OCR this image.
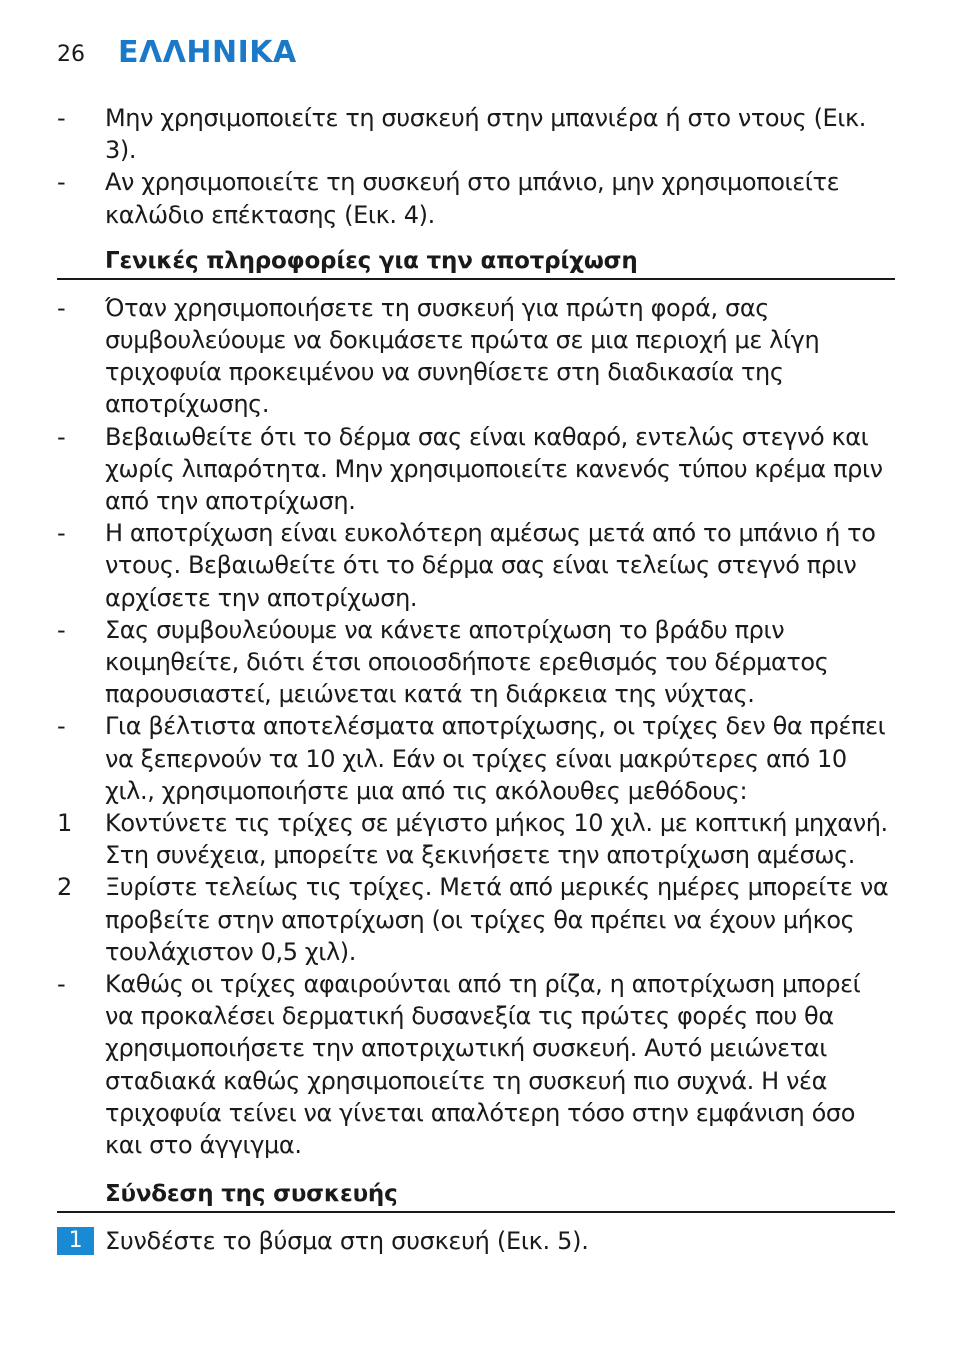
26 ΕΛΛΗΝΙΚΑ
-	Μην χρησιμοποιείτε τη συσκευή στην μπανιέρα ή στο ντους (Εικ. 3).
-	Αν χρησιμοποιείτε τη συσκευή στο μπάνιο, μην χρησιμοποιείτε καλώδιο επέκτασης (Εικ. 4).
Γενικές πληροφορίες για την αποτρίχωση
-	Όταν χρησιμοποιήσετε τη συσκευή για πρώτη φορά, σας συμβουλεύουμε να δοκιμάσετε πρώτα σε μια περιοχή με λίγη τριχοφυία προκειμένου να συνηθίσετε στη διαδικασία της αποτρίχωσης.
-	Βεβαιωθείτε ότι το δέρμα σας είναι καθαρό, εντελώς στεγνό και χωρίς λιπαρότητα. Μην χρησιμοποιείτε κανενός τύπου κρέμα πριν από την αποτρίχωση.
-	Η αποτρίχωση είναι ευκολότερη αμέσως μετά από το μπάνιο ή το ντους. Βεβαιωθείτε ότι το δέρμα σας είναι τελείως στεγνό πριν αρχίσετε την αποτρίχωση.
-	Σας συμβουλεύουμε να κάνετε αποτρίχωση το βράδυ πριν κοιμηθείτε, διότι έτσι οποιοσδήποτε ερεθισμός του δέρματος παρουσιαστεί, μειώνεται κατά τη διάρκεια της νύχτας.
-	Για βέλτιστα αποτελέσματα αποτρίχωσης, οι τρίχες δεν θα πρέπει να ξεπερνούν τα 10 χιλ. Εάν οι τρίχες είναι μακρύτερες από 10 χιλ., χρησιμοποιήστε μια από τις ακόλουθες μεθόδους:
1	Κοντύνετε τις τρίχες σε μέγιστο μήκος 10 χιλ. με κοπτική μηχανή. Στη συνέχεια, μπορείτε να ξεκινήσετε την αποτρίχωση αμέσως.
2	Ξυρίστε τελείως τις τρίχες. Μετά από μερικές ημέρες μπορείτε να προβείτε στην αποτρίχωση (οι τρίχες θα πρέπει να έχουν μήκος τουλάχιστον 0,5 χιλ).
-	Καθώς οι τρίχες αφαιρούνται από τη ρίζα, η αποτρίχωση μπορεί να προκαλέσει δερματική δυσανεξία τις πρώτες φορές που θα χρησιμοποιήσετε την αποτριχωτική συσκευή. Αυτό μειώνεται σταδιακά καθώς χρησιμοποιείτε τη συσκευή πιο συχνά. Η νέα τριχοφυία τείνει να γίνεται απαλότερη τόσο στην εμφάνιση όσο και στο άγγιγμα.
Σύνδεση της συσκευής
1 Συνδέστε το βύσμα στη συσκευή (Εικ. 5).
